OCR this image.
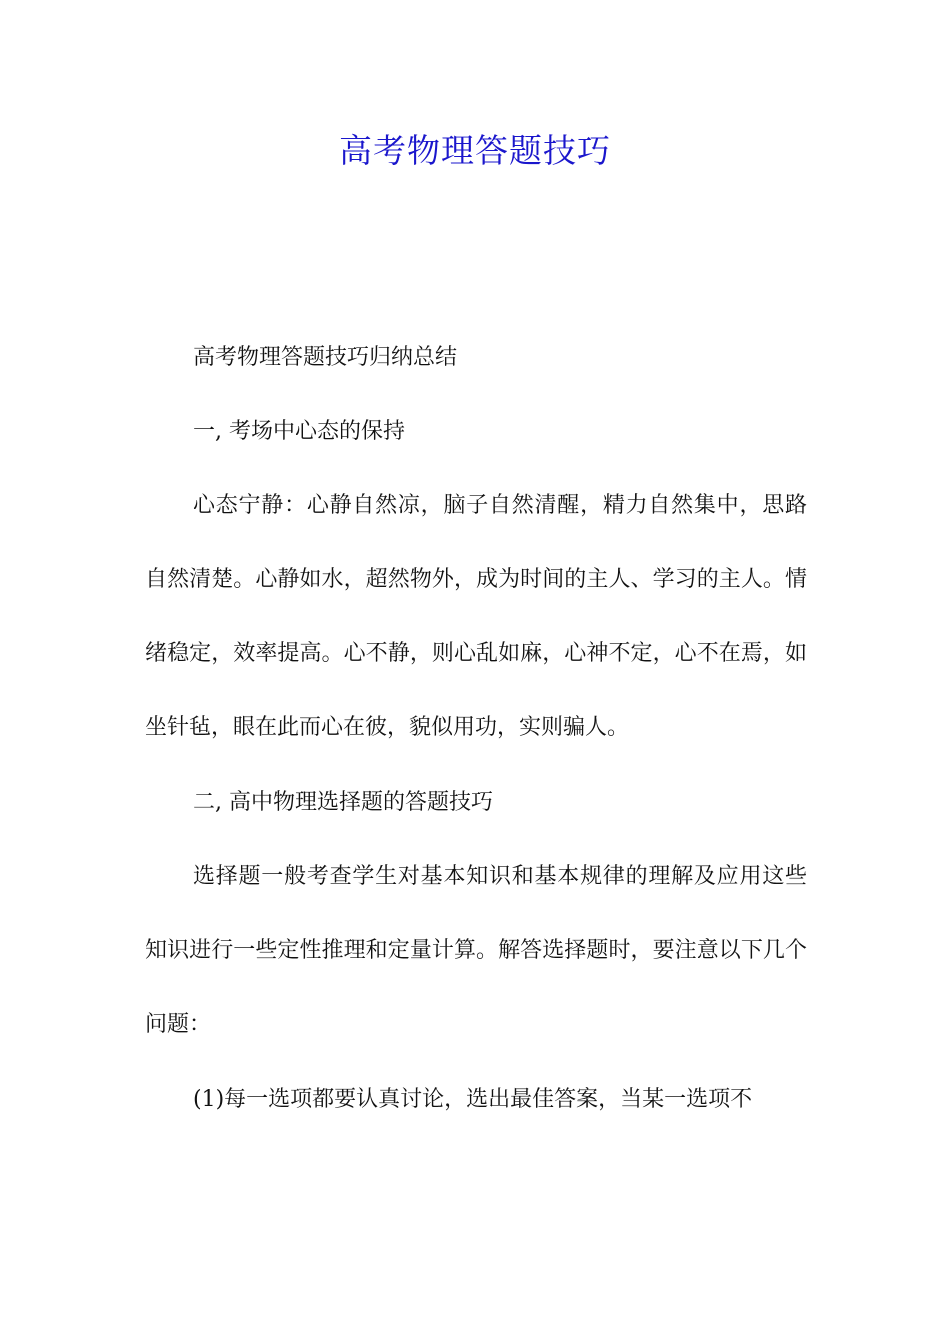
高考物理答题技巧

高考物理答题技巧归纳总结

一, 考场中心态的保持

心态宁静：心静自然凉，脑子自然清醒，精力自然集中，思路自然清楚。心静如水，超然物外，成为时间的主人、学习的主人。情绪稳定，效率提高。心不静，则心乱如麻，心神不定，心不在焉，如坐针毡，眼在此而心在彼，貌似用功，实则骗人。

二, 高中物理选择题的答题技巧

选择题一般考查学生对基本知识和基本规律的理解及应用这些知识进行一些定性推理和定量计算。解答选择题时，要注意以下几个问题：

(1)每一选项都要认真讨论，选出最佳答案，当某一选项不
